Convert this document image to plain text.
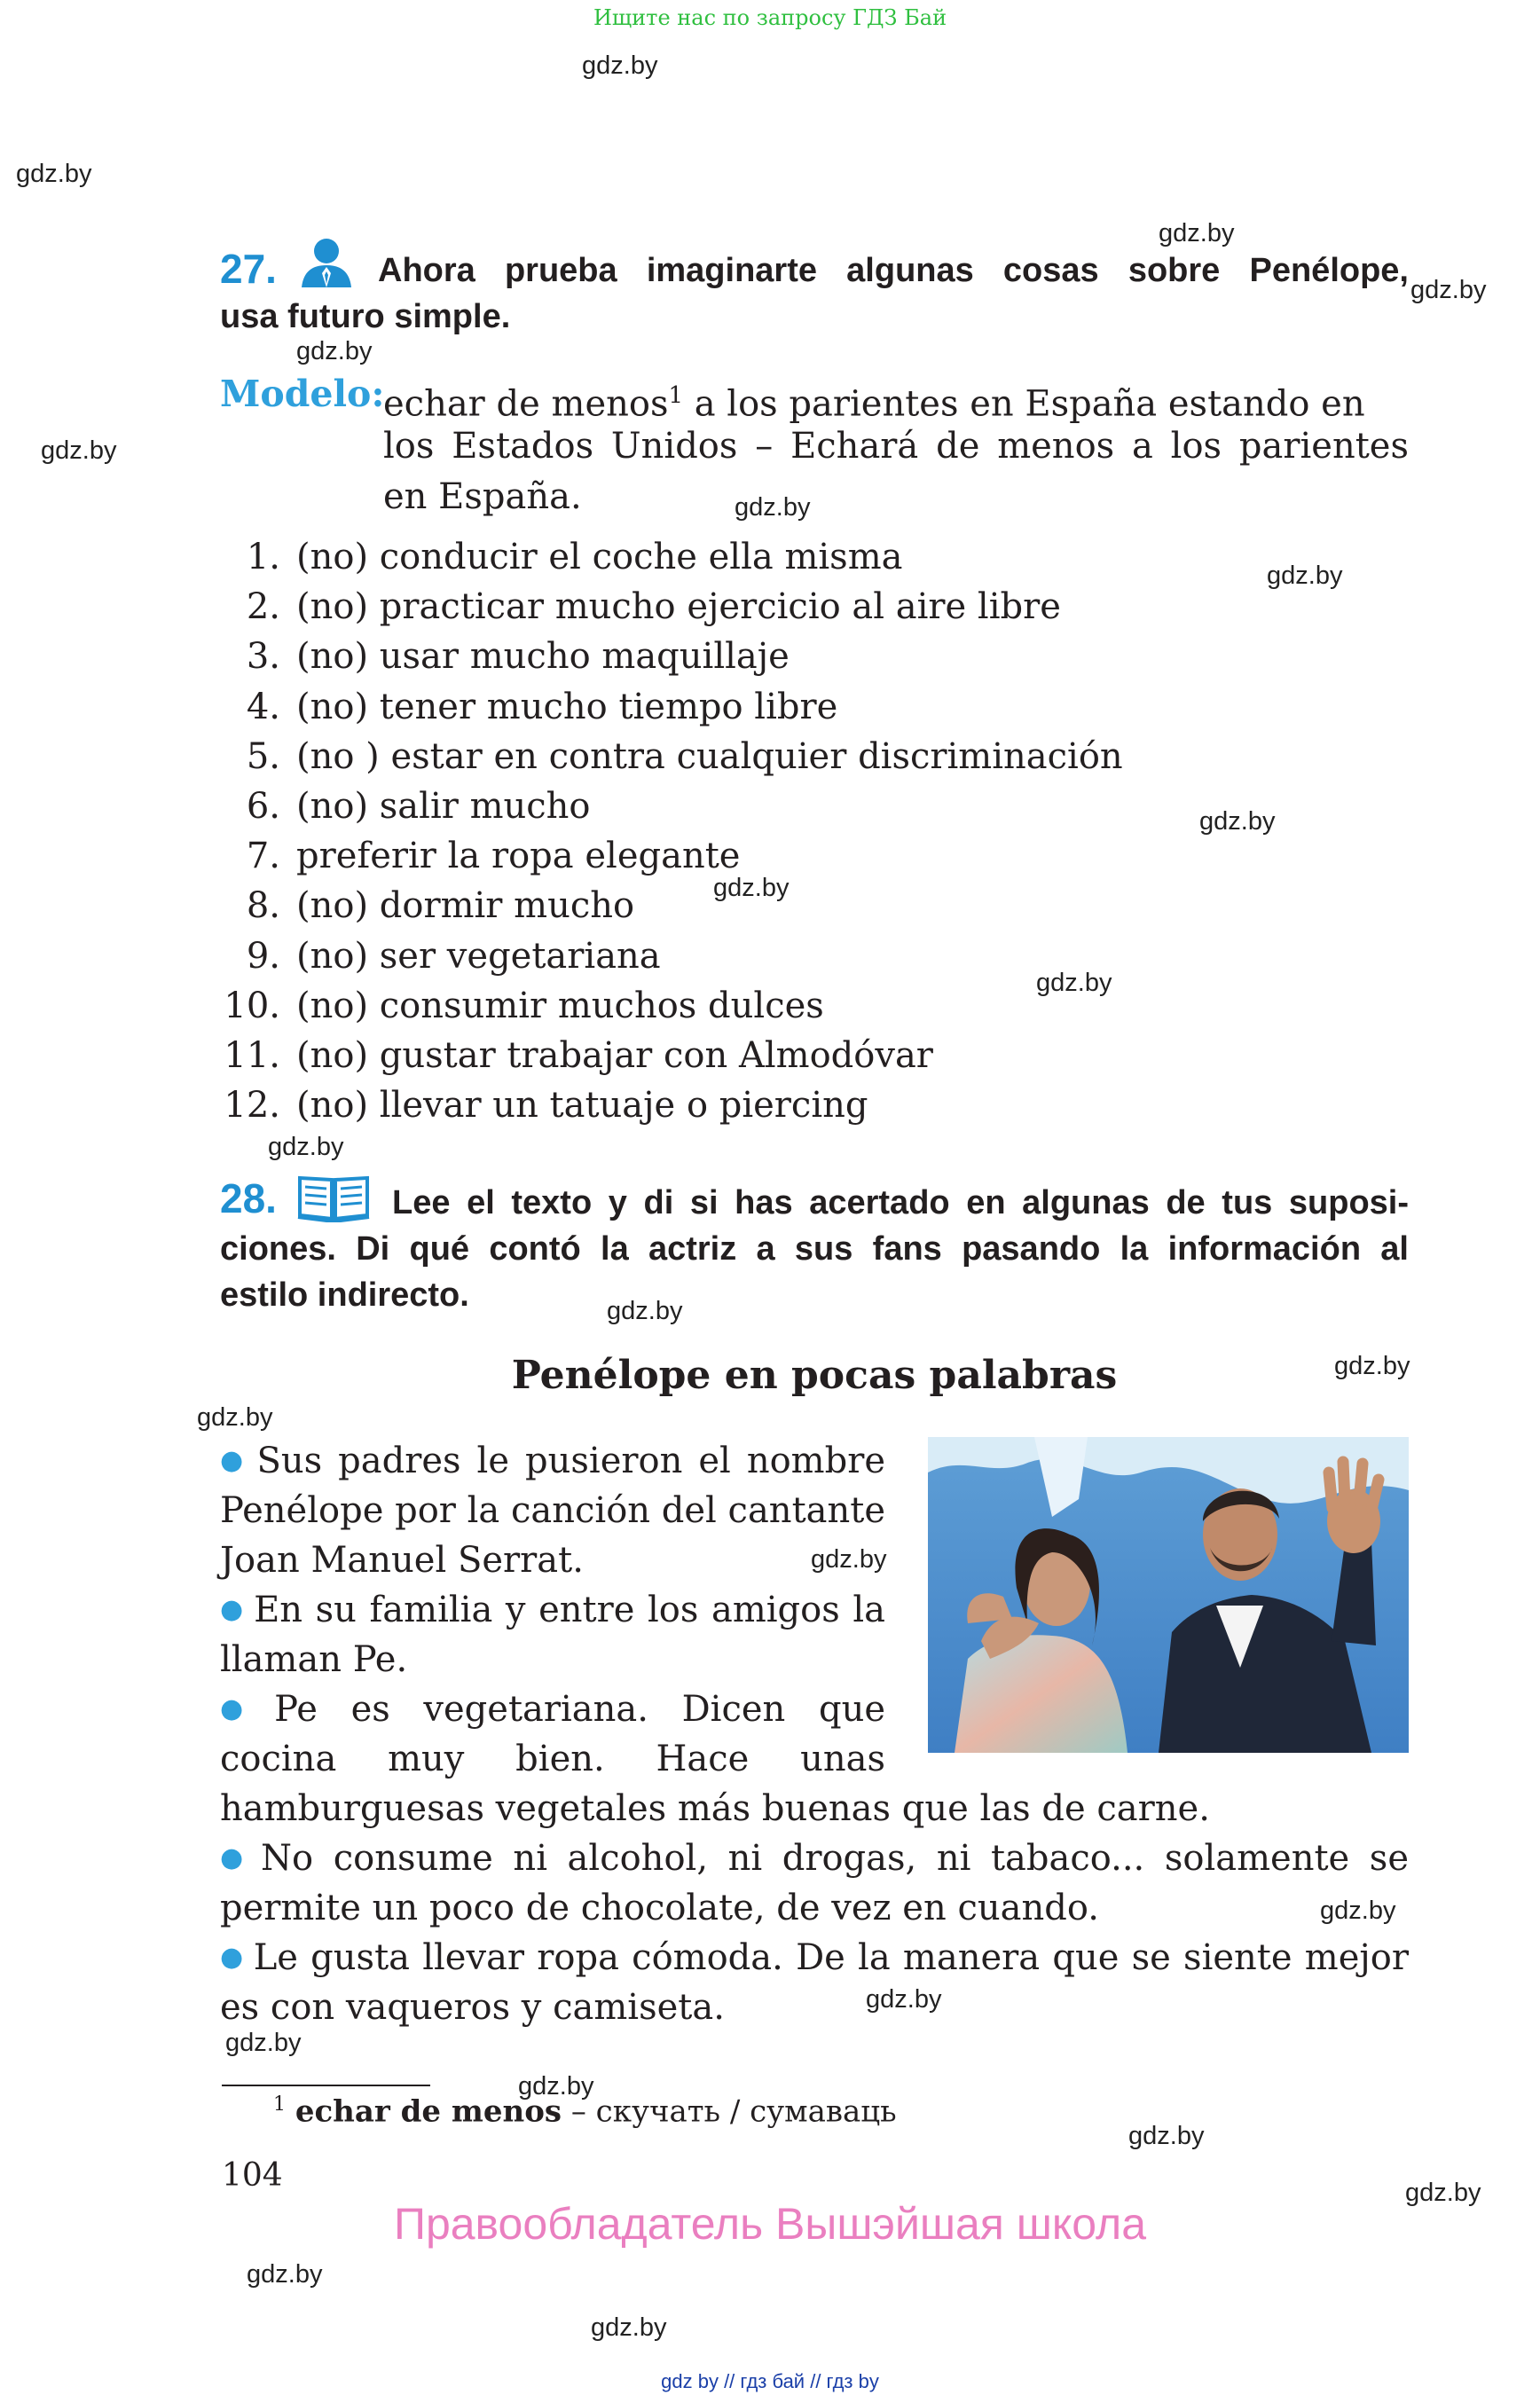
Ищите нас по запросу ГДЗ Бай
gdz.by
gdz.by
gdz.by
gdz.by
gdz.by
gdz.by
gdz.by
gdz.by
gdz.by
gdz.by
gdz.by
gdz.by
gdz.by
gdz.by
gdz.by
gdz.by
gdz.by
gdz.by
gdz.by
gdz.by
gdz.by
gdz.by
gdz.by
gdz.by
27.	Ahora prueba imaginarte algunas cosas sobre Penélope,
usa futuro simple.
Modelo:
echar de menos$^1$ a los parientes en España estando en
los Estados Unidos – Echará de menos a los parientes
en España.
1. (no) conducir el coche ella misma
2. (no) practicar mucho ejercicio al aire libre
3. (no) usar mucho maquillaje
4. (no) tener mucho tiempo libre
5. (no ) estar en contra cualquier discriminación
6. (no) salir mucho
7. preferir la ropa elegante
8. (no) dormir mucho
9. (no) ser vegetariana
10. (no) consumir muchos dulces
11. (no) gustar trabajar con Almodóvar
12. (no) llevar un tatuaje o piercing
28.	Lee el texto y di si has acertado en algunas de tus suposi-
ciones. Di qué contó la actriz a sus fans pasando la información al
estilo indirecto.
Penélope en pocas palabras
● Sus padres le pusieron el nombre Penélope por la canción del cantante Joan Manuel Serrat.
● En su familia y entre los amigos la llaman Pe.
● Pe es vegetariana. Dicen que cocina muy bien. Hace unas
hamburguesas vegetales más buenas que las de carne.
● No consume ni alcohol, ni drogas, ni tabaco... solamente se permite un poco de chocolate, de vez en cuando.
● Le gusta llevar ropa cómoda. De la manera que se siente mejor es con vaqueros y camiseta.
$^1$ echar de menos – скучать / сумаваць
104
Правообладатель Вышэйшая школа
gdz by // гдз бай // гдз by
